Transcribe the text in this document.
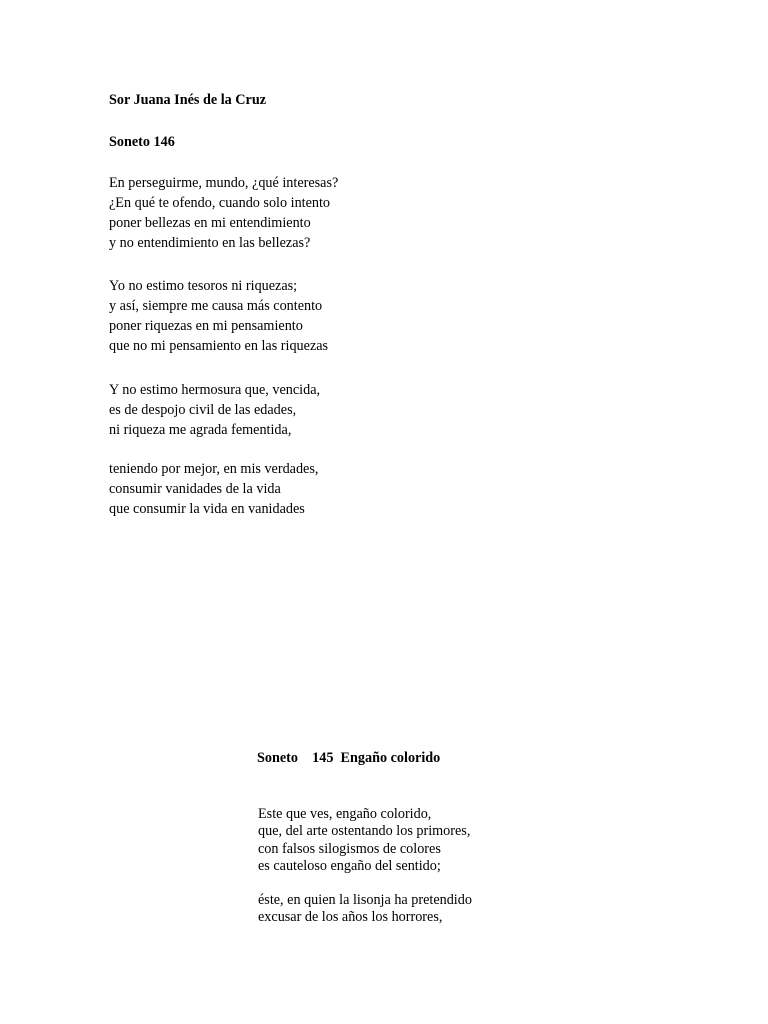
Sor Juana Inés de la Cruz
Soneto 146
En perseguirme, mundo, ¿qué interesas?
¿En qué te ofendo, cuando solo intento
poner bellezas en mi entendimiento
y no entendimiento en las bellezas?
Yo no estimo tesoros ni riquezas;
y así, siempre me causa más contento
poner riquezas en mi pensamiento
que no mi pensamiento en las riquezas
Y no estimo hermosura que, vencida,
es de despojo civil de las edades,
ni riqueza me agrada fementida,
teniendo por mejor, en mis verdades,
consumir vanidades de la vida
que consumir la vida en vanidades
Soneto    145  Engaño colorido
Este que ves, engaño colorido,
que, del arte ostentando los primores,
con falsos silogismos de colores
es cauteloso engaño del sentido;
éste, en quien la lisonja ha pretendido
excusar de los años los horrores,
